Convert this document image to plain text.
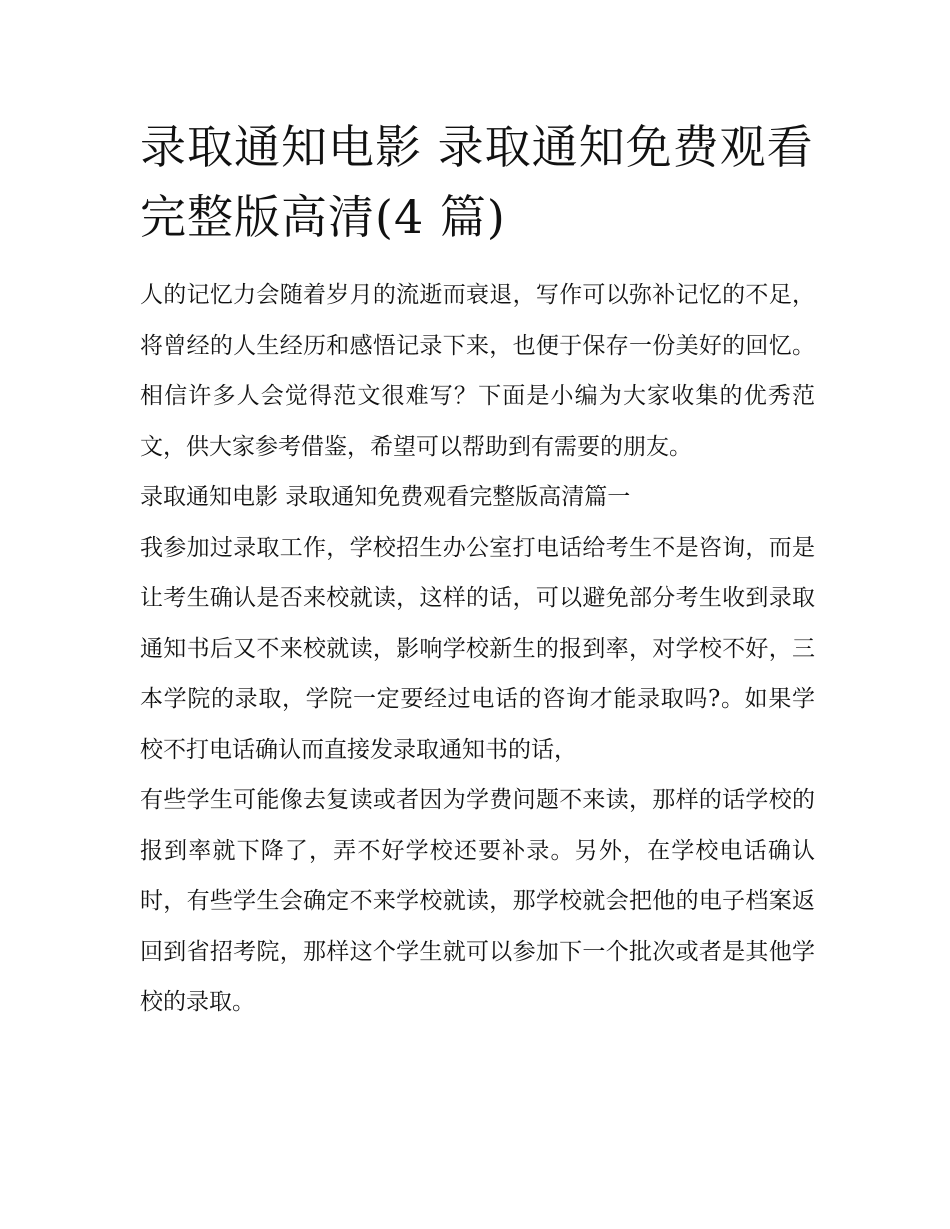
录取通知电影 录取通知免费观看完整版高清(4 篇)

人的记忆力会随着岁月的流逝而衰退，写作可以弥补记忆的不足，将曾经的人生经历和感悟记录下来，也便于保存一份美好的回忆。相信许多人会觉得范文很难写？下面是小编为大家收集的优秀范文，供大家参考借鉴，希望可以帮助到有需要的朋友。

录取通知电影 录取通知免费观看完整版高清篇一

我参加过录取工作，学校招生办公室打电话给考生不是咨询，而是让考生确认是否来校就读，这样的话，可以避免部分考生收到录取通知书后又不来校就读，影响学校新生的报到率，对学校不好，三本学院的录取，学院一定要经过电话的咨询才能录取吗?。如果学校不打电话确认而直接发录取通知书的话，

有些学生可能像去复读或者因为学费问题不来读，那样的话学校的报到率就下降了，弄不好学校还要补录。另外，在学校电话确认时，有些学生会确定不来学校就读，那学校就会把他的电子档案返回到省招考院，那样这个学生就可以参加下一个批次或者是其他学校的录取。
